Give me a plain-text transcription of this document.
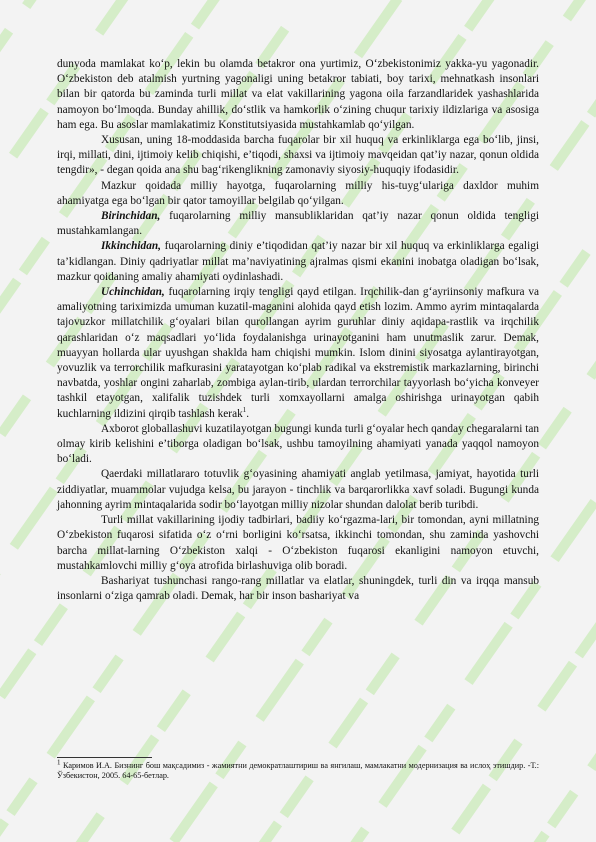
dunyoda mamlakat ko‘p, lekin bu olamda betakror ona yurtimiz, O‘zbekistonimiz yakka-yu yagonadir. O‘zbekiston deb atalmish yurtning yagonaligi uning betakror tabiati, boy tarixi, mehnatkash insonlari bilan bir qatorda bu zaminda turli millat va elat vakillarining yagona oila farzandlaridek yashashlarida namoyon bo‘lmoqda. Bunday ahillik, do‘stlik va hamkorlik o‘zining chuqur tarixiy ildizlariga va asosiga ham ega. Bu asoslar mamlakatimiz Konstitutsiyasida mustahkamlab qo‘yilgan.

Xususan, uning 18-moddasida barcha fuqarolar bir xil huquq va erkinliklarga ega bo‘lib, jinsi, irqi, millati, dini, ijtimoiy kelib chiqishi, e’tiqodi, shaxsi va ijtimoiy mavqeidan qat’iy nazar, qonun oldida tengdir», - degan qoida ana shu bag‘rikenglikning zamonaviy siyosiy-huquqiy ifodasidir.

Mazkur qoidada milliy hayotga, fuqarolarning milliy his-tuyg‘ulariga daxldor muhim ahamiyatga ega bo‘lgan bir qator tamoyillar belgilab qo‘yilgan.

Birinchidan, fuqarolarning milliy mansubliklaridan qat’iy nazar qonun oldida tengligi mustahkamlangan.

Ikkinchidan, fuqarolarning diniy e’tiqodidan qat’iy nazar bir xil huquq va erkinliklarga egaligi ta’kidlangan. Diniy qadriyatlar millat ma’naviyatining ajralmas qismi ekanini inobatga oladigan bo‘lsak, mazkur qoidaning amaliy ahamiyati oydinlashadi.

Uchinchidan, fuqarolarning irqiy tengligi qayd etilgan. Irqchilik-dan g‘ayriinsoniy mafkura va amaliyotning tariximizda umuman kuzatil-maganini alohida qayd etish lozim. Ammo ayrim mintaqalarda tajovuzkor millatchilik g‘oyalari bilan qurollangan ayrim guruhlar diniy aqidapa-rastlik va irqchilik qarashlaridan o‘z maqsadlari yo‘lida foydalanishga urinayotganini ham unutmaslik zarur. Demak, muayyan hollarda ular uyushgan shaklda ham chiqishi mumkin. Islom dinini siyosatga aylantirayotgan, yovuzlik va terrorchilik mafkurasini yaratayotgan ko‘plab radikal va ekstremistik markazlarning, birinchi navbatda, yoshlar ongini zaharlab, zombiga aylan-tirib, ulardan terrorchilar tayyorlash bo‘yicha konveyer tashkil etayotgan, xalifalik tuzishdek turli xomxayollarni amalga oshirishga urinayotgan qabih kuchlarning ildizini qirqib tashlash kerak$^1$.

Axborot globallashuvi kuzatilayotgan bugungi kunda turli g‘oyalar hech qanday chegaralarni tan olmay kirib kelishini e’tiborga oladigan bo‘lsak, ushbu tamoyilning ahamiyati yanada yaqqol namoyon bo‘ladi.

Qaerdaki millatlararo totuvlik g‘oyasining ahamiyati anglab yetilmasa, jamiyat, hayotida turli ziddiyatlar, muammolar vujudga kelsa, bu jarayon - tinchlik va barqarorlikka xavf soladi. Bugungi kunda jahonning ayrim mintaqalarida sodir bo‘layotgan milliy nizolar shundan dalolat berib turibdi.

Turli millat vakillarining ijodiy tadbirlari, badiiy ko‘rgazma-lari, bir tomondan, ayni millatning O‘zbekiston fuqarosi sifatida o‘z o‘rni borligini ko‘rsatsa, ikkinchi tomondan, shu zaminda yashovchi barcha millat-larning O‘zbekiston xalqi - O‘zbekiston fuqarosi ekanligini namoyon etuvchi, mustahkamlovchi milliy g‘oya atrofida birlashuviga olib boradi.

Bashariyat tushunchasi rango-rang millatlar va elatlar, shuningdek, turli din va irqqa mansub insonlarni o‘ziga qamrab oladi. Demak, har bir inson bashariyat va

$^1$ Каримов И.А. Бизнинг бош мақсадимиз - жамиятни демократлаштириш ва янгилаш, мамлакатни модернизация ва ислоҳ этишдир. -Т.: Ўзбекистон, 2005. 64-65-бетлар.
